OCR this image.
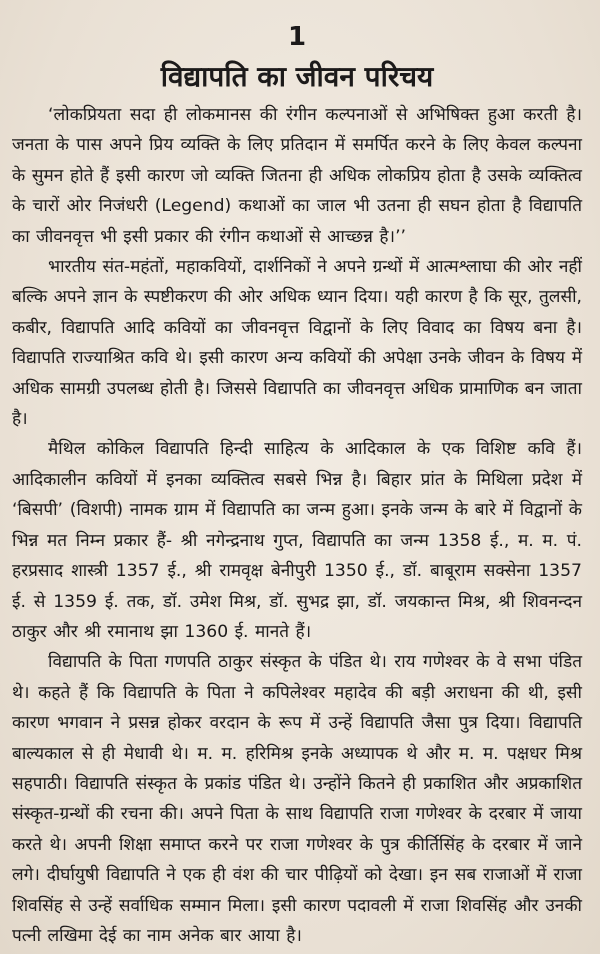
1
विद्यापति का जीवन परिचय

‘लोकप्रियता सदा ही लोकमानस की रंगीन कल्पनाओं से अभिषिक्त हुआ करती है। जनता के पास अपने प्रिय व्यक्ति के लिए प्रतिदान में समर्पित करने के लिए केवल कल्पना के सुमन होते हैं इसी कारण जो व्यक्ति जितना ही अधिक लोकप्रिय होता है उसके व्यक्तित्व के चारों ओर निजंधरी (Legend) कथाओं का जाल भी उतना ही सघन होता है विद्यापति का जीवनवृत्त भी इसी प्रकार की रंगीन कथाओं से आच्छन्न है।’’

भारतीय संत-महंतों, महाकवियों, दार्शनिकों ने अपने ग्रन्थों में आत्मश्लाघा की ओर नहीं बल्कि अपने ज्ञान के स्पष्टीकरण की ओर अधिक ध्यान दिया। यही कारण है कि सूर, तुलसी, कबीर, विद्यापति आदि कवियों का जीवनवृत्त विद्वानों के लिए विवाद का विषय बना है। विद्यापति राज्याश्रित कवि थे। इसी कारण अन्य कवियों की अपेक्षा उनके जीवन के विषय में अधिक सामग्री उपलब्ध होती है। जिससे विद्यापति का जीवनवृत्त अधिक प्रामाणिक बन जाता है।

मैथिल कोकिल विद्यापति हिन्दी साहित्य के आदिकाल के एक विशिष्ट कवि हैं। आदिकालीन कवियों में इनका व्यक्तित्व सबसे भिन्न है। बिहार प्रांत के मिथिला प्रदेश में ‘बिसपी’ (विशपी) नामक ग्राम में विद्यापति का जन्म हुआ। इनके जन्म के बारे में विद्वानों के भिन्न मत निम्न प्रकार हैं- श्री नगेन्द्रनाथ गुप्त, विद्यापति का जन्म 1358 ई., म. म. पं. हरप्रसाद शास्त्री 1357 ई., श्री रामवृक्ष बेनीपुरी 1350 ई., डॉ. बाबूराम सक्सेना 1357 ई. से 1359 ई. तक, डॉ. उमेश मिश्र, डॉ. सुभद्र झा, डॉ. जयकान्त मिश्र, श्री शिवनन्दन ठाकुर और श्री रमानाथ झा 1360 ई. मानते हैं।

विद्यापति के पिता गणपति ठाकुर संस्कृत के पंडित थे। राय गणेश्वर के वे सभा पंडित थे। कहते हैं कि विद्यापति के पिता ने कपिलेश्वर महादेव की बड़ी अराधना की थी, इसी कारण भगवान ने प्रसन्न होकर वरदान के रूप में उन्हें विद्यापति जैसा पुत्र दिया। विद्यापति बाल्यकाल से ही मेधावी थे। म. म. हरिमिश्र इनके अध्यापक थे और म. म. पक्षधर मिश्र सहपाठी। विद्यापति संस्कृत के प्रकांड पंडित थे। उन्होंने कितने ही प्रकाशित और अप्रकाशित संस्कृत-ग्रन्थों की रचना की। अपने पिता के साथ विद्यापति राजा गणेश्वर के दरबार में जाया करते थे। अपनी शिक्षा समाप्त करने पर राजा गणेश्वर के पुत्र कीर्तिसिंह के दरबार में जाने लगे। दीर्घायुषी विद्यापति ने एक ही वंश की चार पीढ़ियों को देखा। इन सब राजाओं में राजा शिवसिंह से उन्हें सर्वाधिक सम्मान मिला। इसी कारण पदावली में राजा शिवसिंह और उनकी पत्नी लखिमा देई का नाम अनेक बार आया है।
